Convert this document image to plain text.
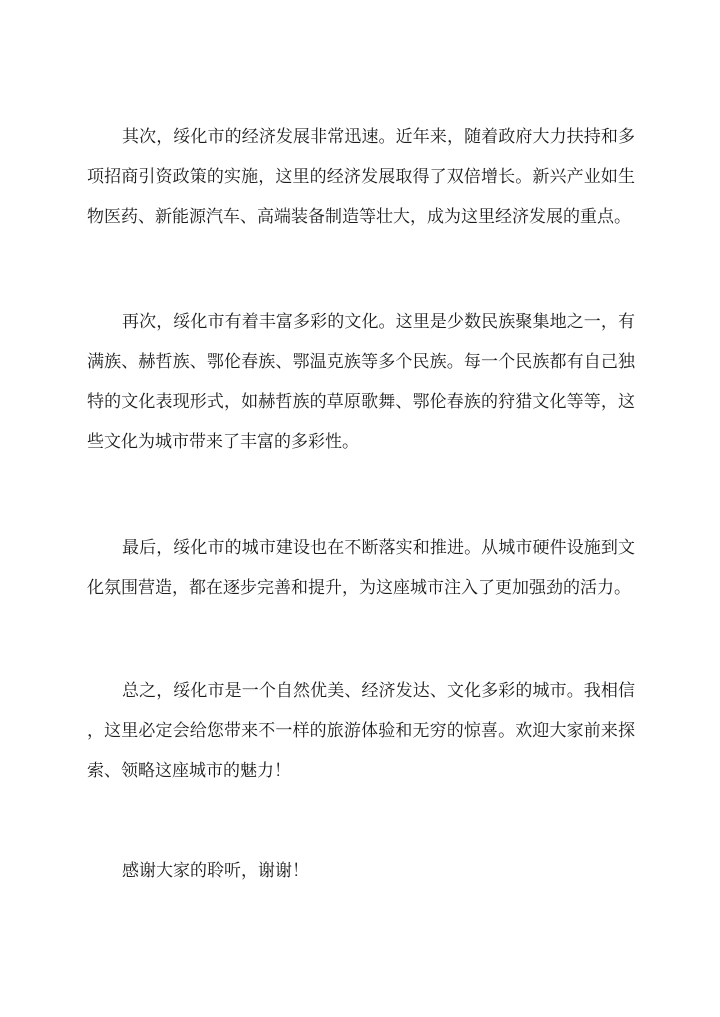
其次，绥化市的经济发展非常迅速。近年来，随着政府大力扶持和多
项招商引资政策的实施，这里的经济发展取得了双倍增长。新兴产业如生
物医药、新能源汽车、高端装备制造等壮大，成为这里经济发展的重点。
再次，绥化市有着丰富多彩的文化。这里是少数民族聚集地之一，有
满族、赫哲族、鄂伦春族、鄂温克族等多个民族。每一个民族都有自己独
特的文化表现形式，如赫哲族的草原歌舞、鄂伦春族的狩猎文化等等，这
些文化为城市带来了丰富的多彩性。
最后，绥化市的城市建设也在不断落实和推进。从城市硬件设施到文
化氛围营造，都在逐步完善和提升，为这座城市注入了更加强劲的活力。
总之，绥化市是一个自然优美、经济发达、文化多彩的城市。我相信
，这里必定会给您带来不一样的旅游体验和无穷的惊喜。欢迎大家前来探
索、领略这座城市的魅力！
感谢大家的聆听，谢谢！
